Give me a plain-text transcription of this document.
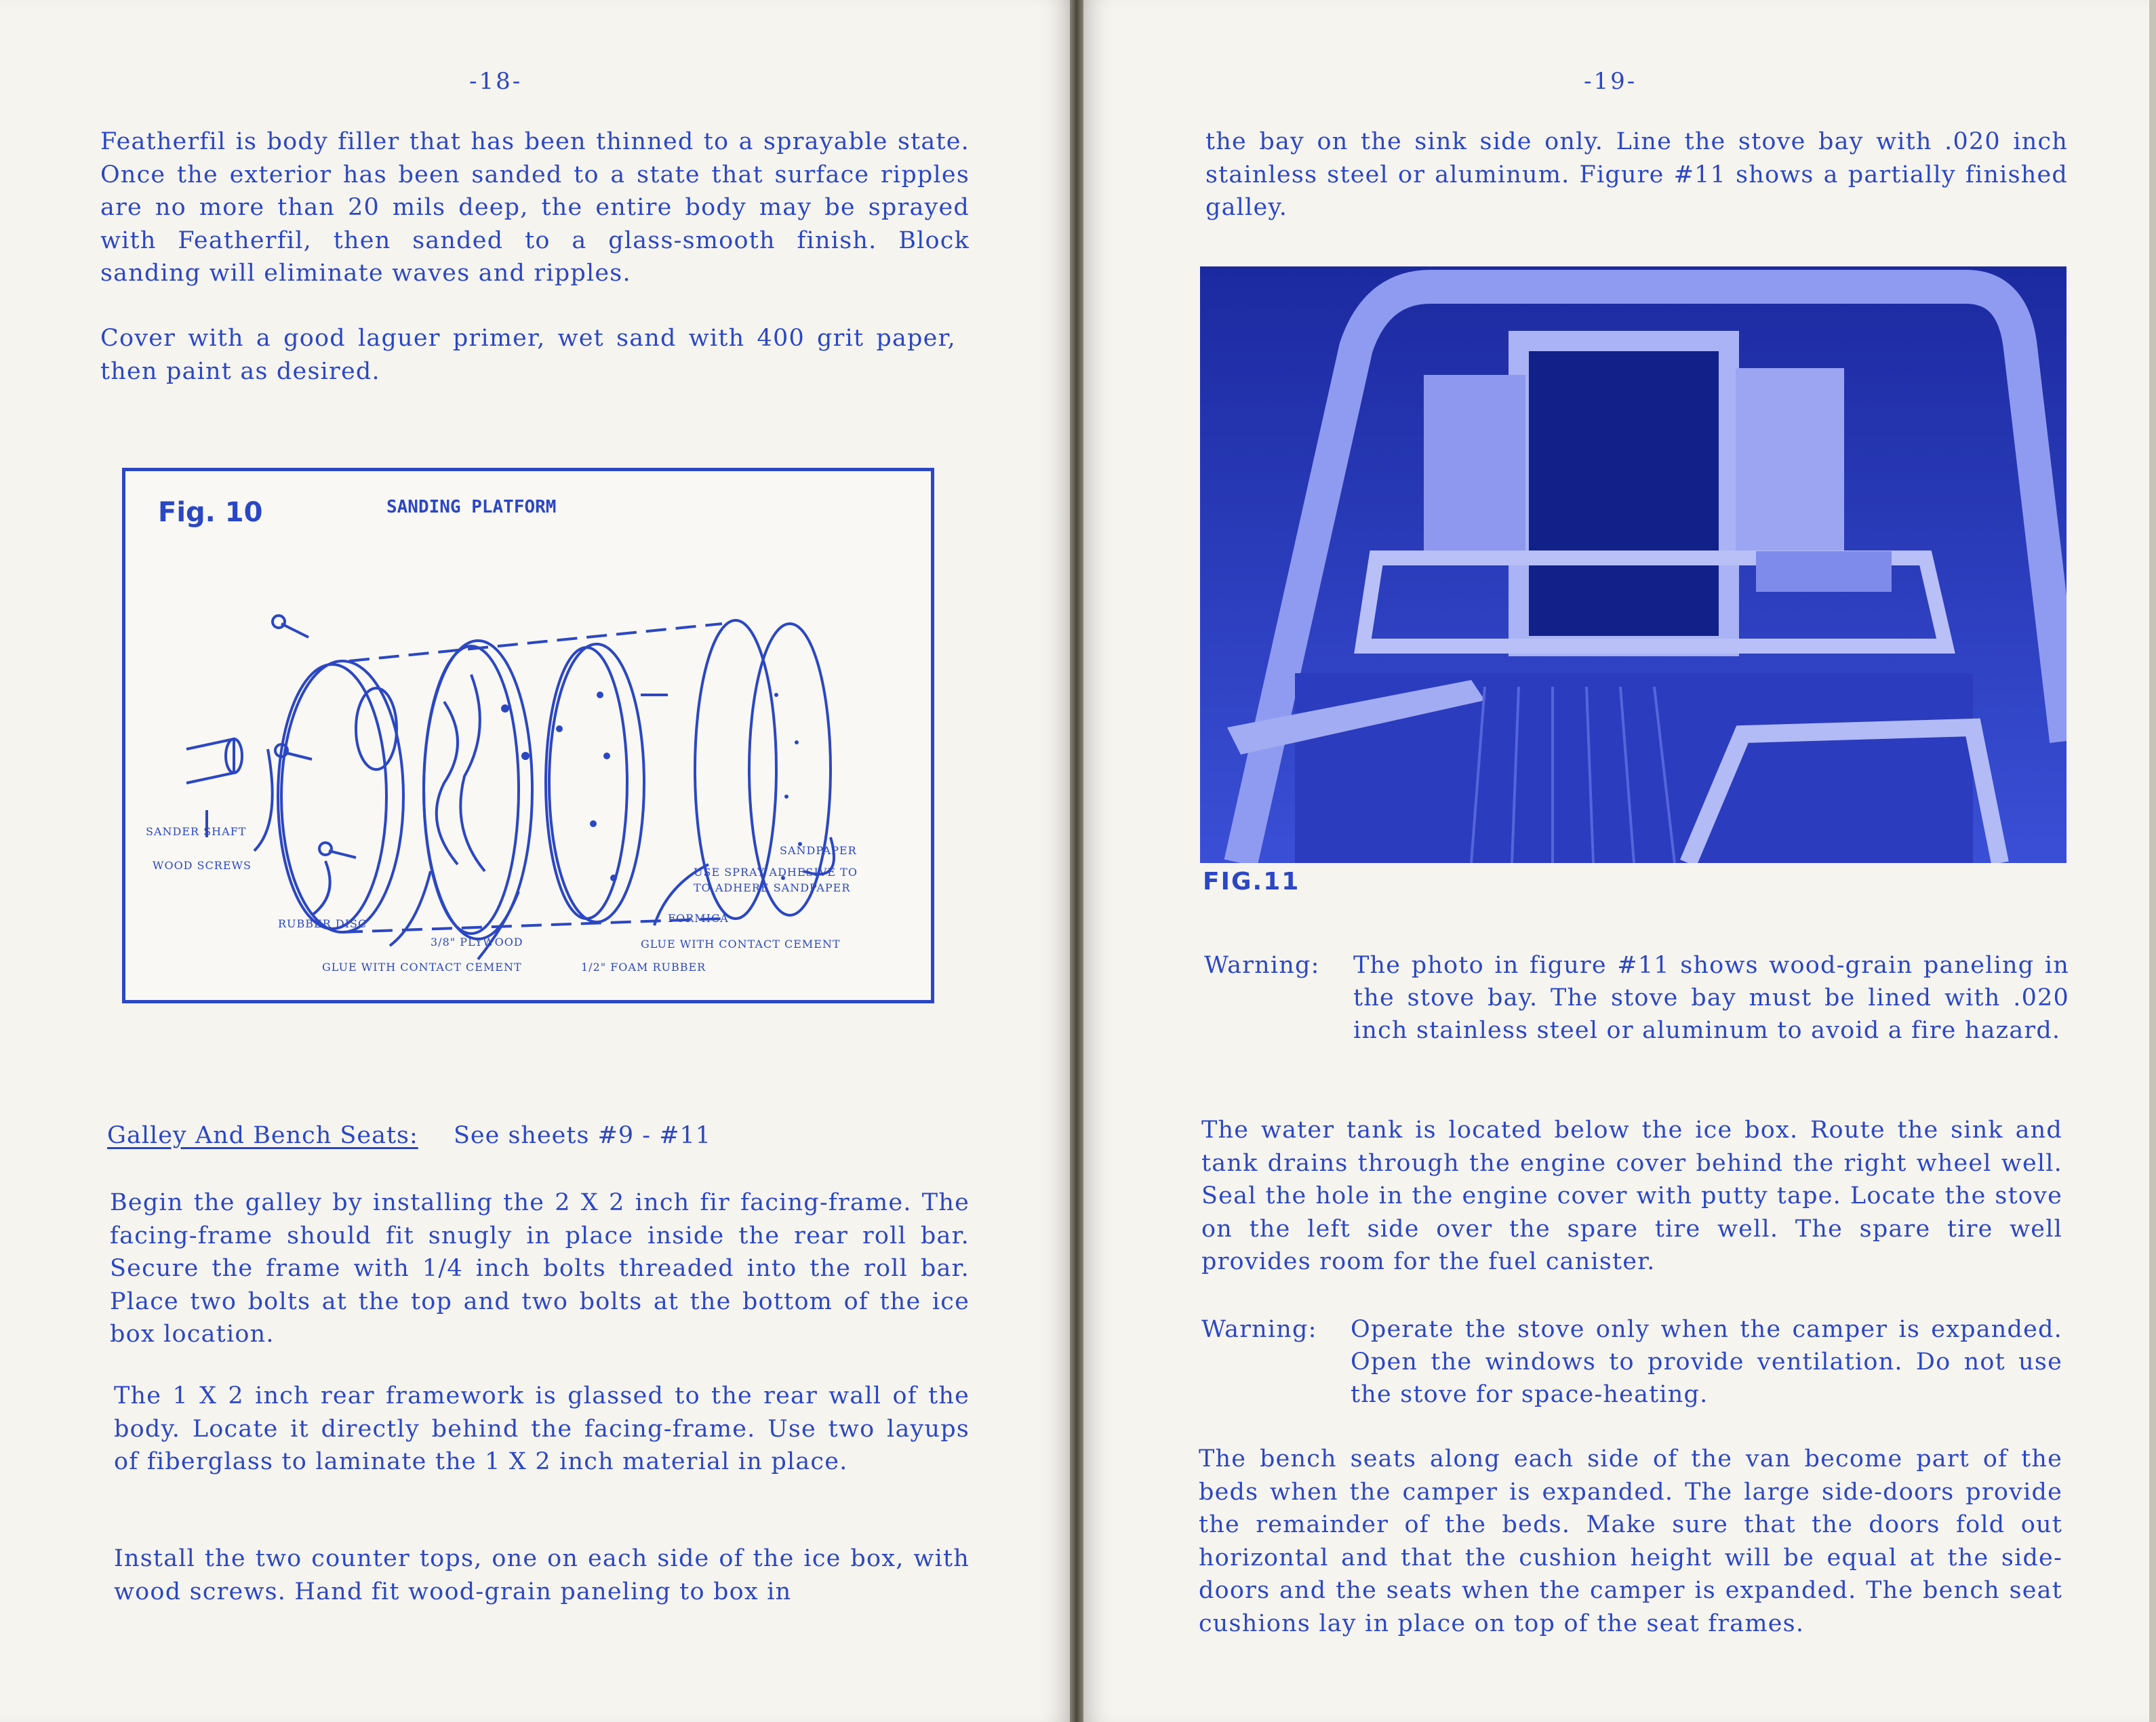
-18-

Featherfil is body filler that has been thinned to a sprayable state. Once the exterior has been sanded to a state that surface ripples are no more than 20 mils deep, the entire body may be sprayed with Featherfil, then sanded to a glass-smooth finish. Block sanding will eliminate waves and ripples.

Cover with a good laguer primer, wet sand with 400 grit paper, then paint as desired.

Fig. 10	SANDING PLATFORM
SANDER SHAFT
WOOD SCREWS
RUBBER DISC
3/8" PLYWOOD
GLUE WITH CONTACT CEMENT	1/2" FOAM RUBBER
GLUE WITH CONTACT CEMENT
FORMICA
USE SPRAY ADHESIVE TO
TO ADHERE SANDPAPER
SANDPAPER
Galley And Bench Seats: See sheets #9 - #11

Begin the galley by installing the 2 X 2 inch fir facing-frame. The facing-frame should fit snugly in place inside the rear roll bar. Secure the frame with 1/4 inch bolts threaded into the roll bar. Place two bolts at the top and two bolts at the bottom of the ice box location.

The 1 X 2 inch rear framework is glassed to the rear wall of the body. Locate it directly behind the facing-frame. Use two layups of fiberglass to laminate the 1 X 2 inch material in place.

Install the two counter tops, one on each side of the ice box, with wood screws. Hand fit wood-grain paneling to box in

-19-

the bay on the sink side only. Line the stove bay with .020 inch stainless steel or aluminum. Figure #11 shows a partially finished galley.

FIG.11
Warning: The photo in figure #11 shows wood-grain paneling in the stove bay. The stove bay must be lined with .020 inch stainless steel or aluminum to avoid a fire hazard.

The water tank is located below the ice box. Route the sink and tank drains through the engine cover behind the right wheel well. Seal the hole in the engine cover with putty tape. Locate the stove on the left side over the spare tire well. The spare tire well provides room for the fuel canister.

Warning: Operate the stove only when the camper is expanded. Open the windows to provide ventilation. Do not use the stove for space-heating.

The bench seats along each side of the van become part of the beds when the camper is expanded. The large side-doors provide the remainder of the beds. Make sure that the doors fold out horizontal and that the cushion height will be equal at the side-doors and the seats when the camper is expanded. The bench seat cushions lay in place on top of the seat frames.
